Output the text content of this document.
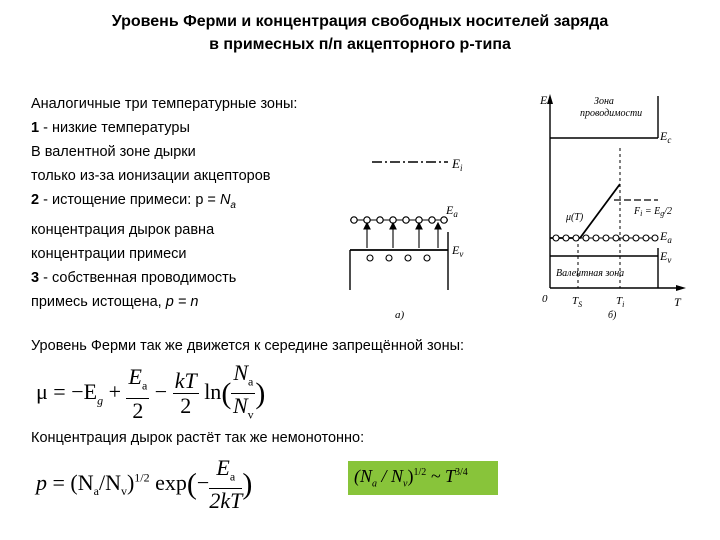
Уровень Ферми и концентрация свободных носителей заряда
в примесных п/п акцепторного p-типа
Аналогичные три температурные зоны:
1 - низкие температуры
В валентной зоне дырки
только из-за ионизации акцепторов
2 - истощение примеси: $p = N_a$
концентрация дырок равна
концентрации примеси
3 - собственная проводимость
примесь истощена, p = n
$E_i$
$E_a$
$E_v$
а)
E
T
0
Зона
проводимости
$E_c$
$F_i = E_g/2$
μ(T)
$E_a$
$E_v$
Валентная зона
$T_S$	$T_i$
б)
Уровень Ферми так же движется к середине запрещённой зоны:
$\mu = -E_g + \frac{E_a}{2} - \frac{kT}{2} \ln( \frac{N_a}{N_v}$ )
Концентрация дырок растёт так же немонотонно:
$p = (N_a/N_v)^{1/2}$ $\exp(- \frac{E_a}{2kT}$ )	$(N_a / N_v)^{1/2}$ ~ $T^{3/4}$
